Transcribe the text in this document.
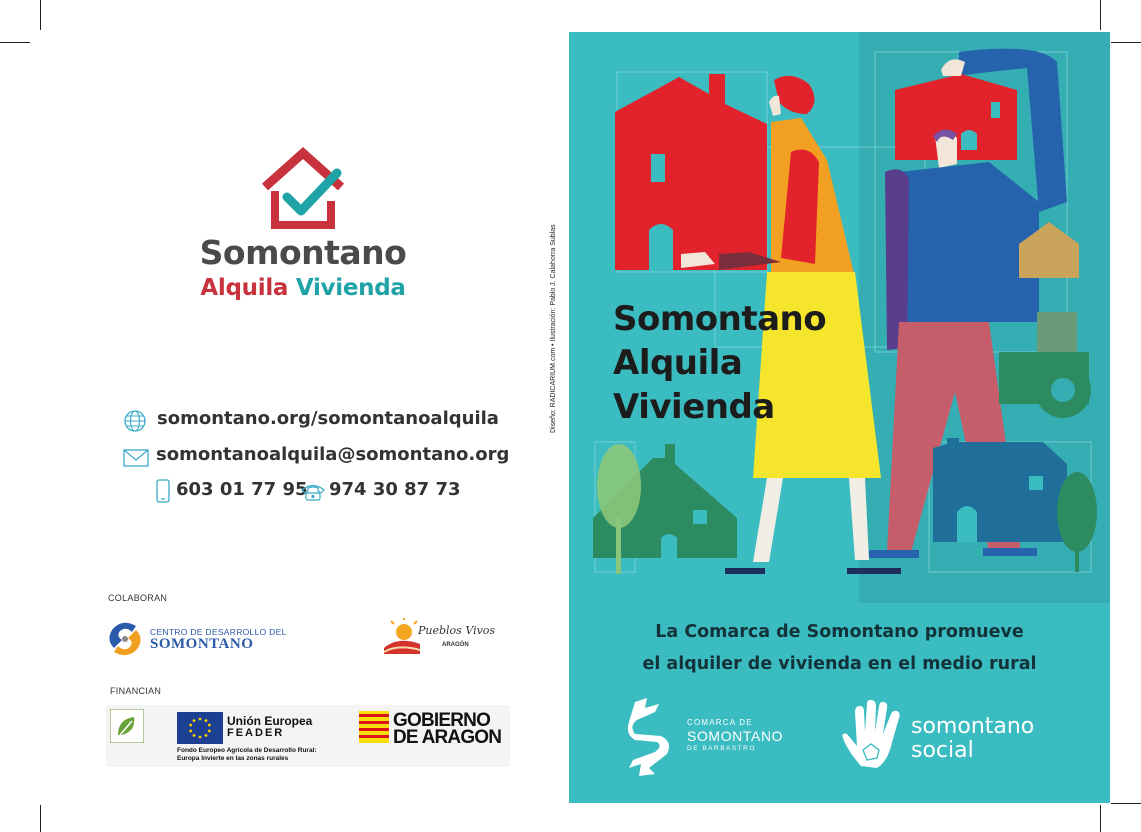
Somontano
Alquila Vivienda
somontano.org/somontanoalquila
somontanoalquila@somontano.org
603 01 77 95 974 30 87 73
COLABORAN
CENTRO DE DESARROLLO DEL
SOMONTANO
Pueblos Vivos
ARAGÓN
FINANCIAN
Unión Europea
FEADER
Fondo Europeo Agrícola de Desarrollo Rural:
Europa Invierte en las zonas rurales
GOBIERNO
DE ARAGON
Diseño: RADICARIUM.com • Ilustración: Pablo J. Calahorra Sublas Somontano
Alquila
Vivienda
La Comarca de Somontano promueve
el alquiler de vivienda en el medio rural
COMARCA DE
SOMONTANO
DE BARBASTRO
somontano
social
